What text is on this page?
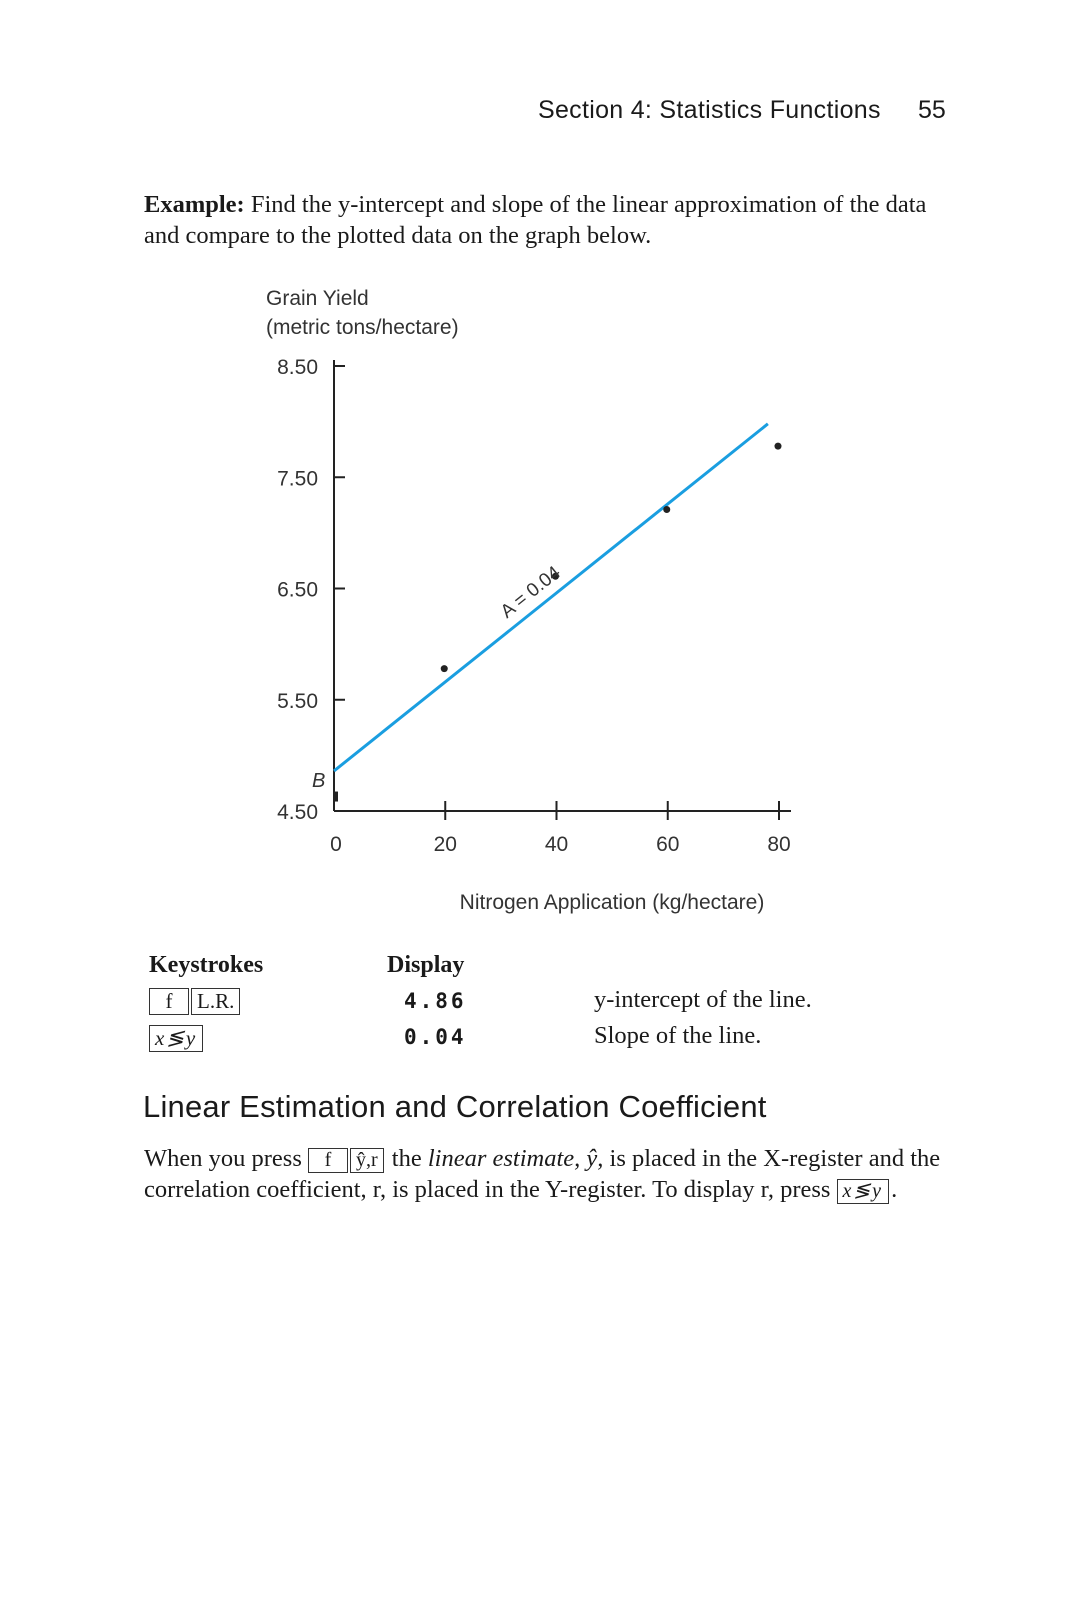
Section 4: Statistics Functions 55
Example: Find the y-intercept and slope of the linear approximation of the data and compare to the plotted data on the graph below.
Grain Yield
(metric tons/hectare)
8.50
7.50
6.50
5.50
4.50
0	20	40	60	80
A = 0.04
B
Nitrogen Application (kg/hectare)
Keystrokes	Display
f L.R.	4.86	y-intercept of the line.
x≶y	0.04	Slope of the line.
Linear Estimation and Correlation Coefficient
When you press f ŷ,r the linear estimate, ŷ, is placed in the X-register and the correlation coefficient, r, is placed in the Y-register. To display r, press x≶y .
